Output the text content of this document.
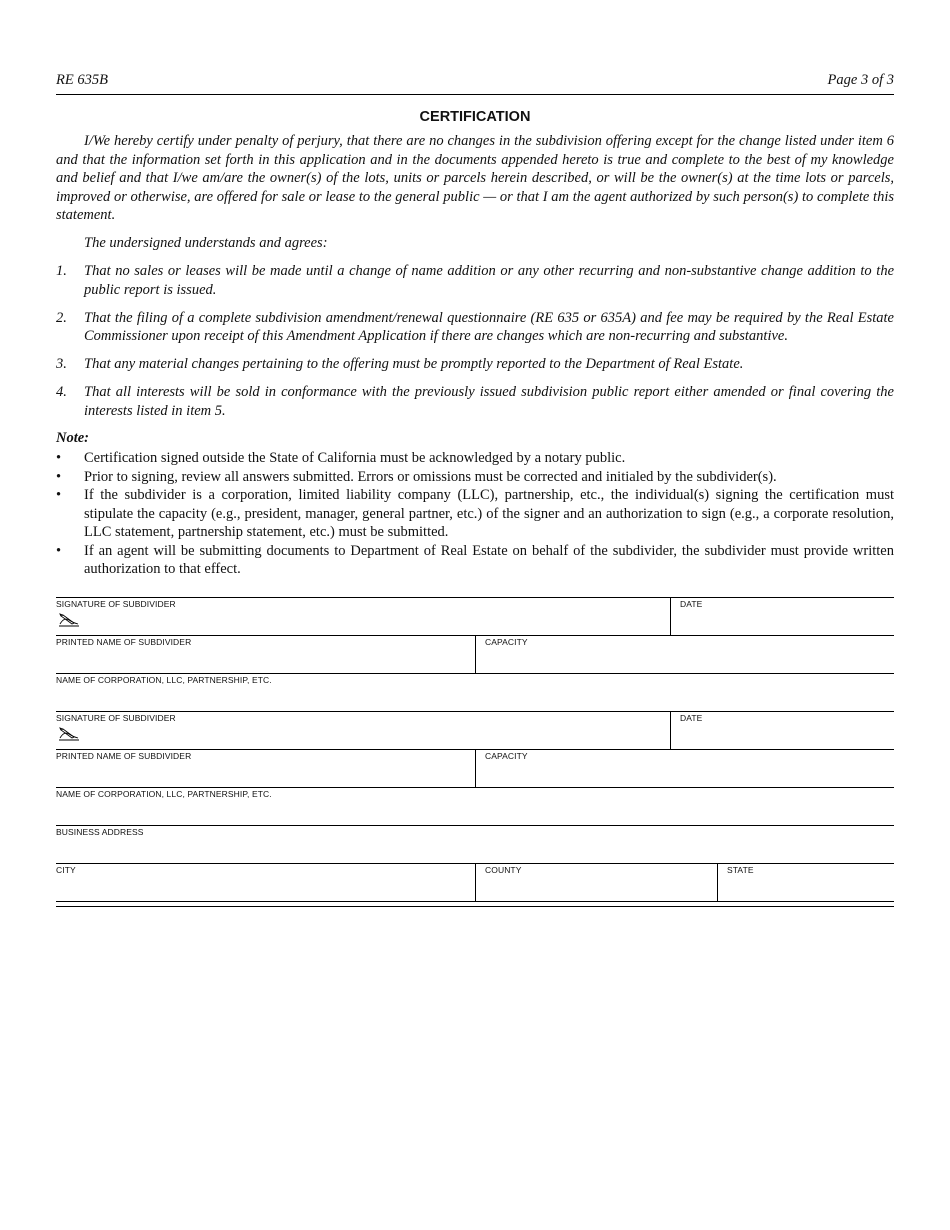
RE 635B	Page 3 of 3
CERTIFICATION
I/We hereby certify under penalty of perjury, that there are no changes in the subdivision offering except for the change listed under item 6 and that the information set forth in this application and in the documents appended hereto is true and complete to the best of my knowledge and belief and that I/we am/are the owner(s) of the lots, units or parcels herein described, or will be the owner(s) at the time lots or parcels, improved or otherwise, are offered for sale or lease to the general public — or that I am the agent authorized by such person(s) to complete this statement.
The undersigned understands and agrees:
1. That no sales or leases will be made until a change of name addition or any other recurring and non-substantive change addition to the public report is issued.
2. That the filing of a complete subdivision amendment/renewal questionnaire (RE 635 or 635A) and fee may be required by the Real Estate Commissioner upon receipt of this Amendment Application if there are changes which are non-recurring and substantive.
3. That any material changes pertaining to the offering must be promptly reported to the Department of Real Estate.
4. That all interests will be sold in conformance with the previously issued subdivision public report either amended or final covering the interests listed in item 5.
Note:
• Certification signed outside the State of California must be acknowledged by a notary public.
• Prior to signing, review all answers submitted. Errors or omissions must be corrected and initialed by the subdivider(s).
• If the subdivider is a corporation, limited liability company (LLC), partnership, etc., the individual(s) signing the certification must stipulate the capacity (e.g., president, manager, general partner, etc.) of the signer and an authorization to sign (e.g., a corporate resolution, LLC statement, partnership statement, etc.) must be submitted.
• If an agent will be submitting documents to Department of Real Estate on behalf of the subdivider, the subdivider must provide written authorization to that effect.
SIGNATURE OF SUBDIVIDER	DATE
PRINTED NAME OF SUBDIVIDER	CAPACITY
NAME OF CORPORATION, LLC, PARTNERSHIP, ETC.
SIGNATURE OF SUBDIVIDER	DATE
PRINTED NAME OF SUBDIVIDER	CAPACITY
NAME OF CORPORATION, LLC, PARTNERSHIP, ETC.
BUSINESS ADDRESS
CITY	COUNTY	STATE
